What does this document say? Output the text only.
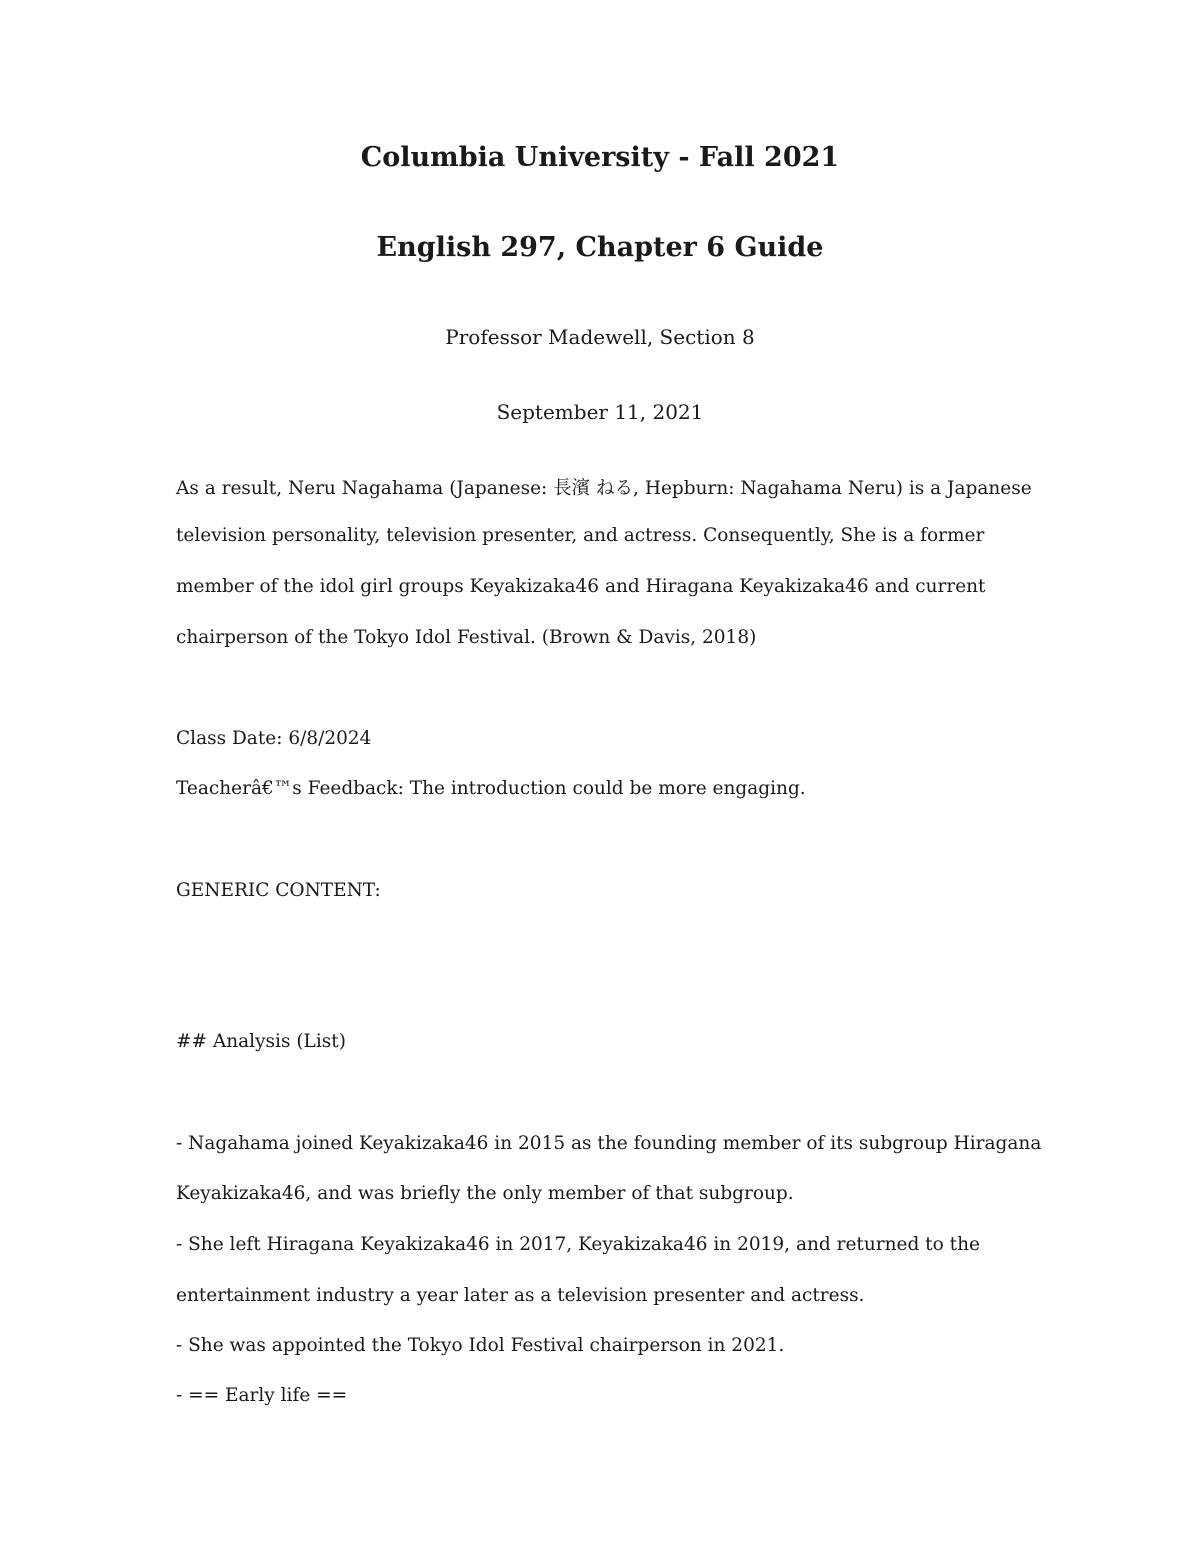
Columbia University - Fall 2021
English 297, Chapter 6 Guide
Professor Madewell, Section 8
September 11, 2021
As a result, Neru Nagahama (Japanese: 長濱 ねる, Hepburn: Nagahama Neru) is a Japanese
television personality, television presenter, and actress. Consequently, She is a former
member of the idol girl groups Keyakizaka46 and Hiragana Keyakizaka46 and current
chairperson of the Tokyo Idol Festival. (Brown & Davis, 2018)
Class Date: 6/8/2024
Teacherâ€™s Feedback: The introduction could be more engaging.
GENERIC CONTENT:
## Analysis (List)
- Nagahama joined Keyakizaka46 in 2015 as the founding member of its subgroup Hiragana
Keyakizaka46, and was briefly the only member of that subgroup.
- She left Hiragana Keyakizaka46 in 2017, Keyakizaka46 in 2019, and returned to the
entertainment industry a year later as a television presenter and actress.
- She was appointed the Tokyo Idol Festival chairperson in 2021.
- == Early life ==
